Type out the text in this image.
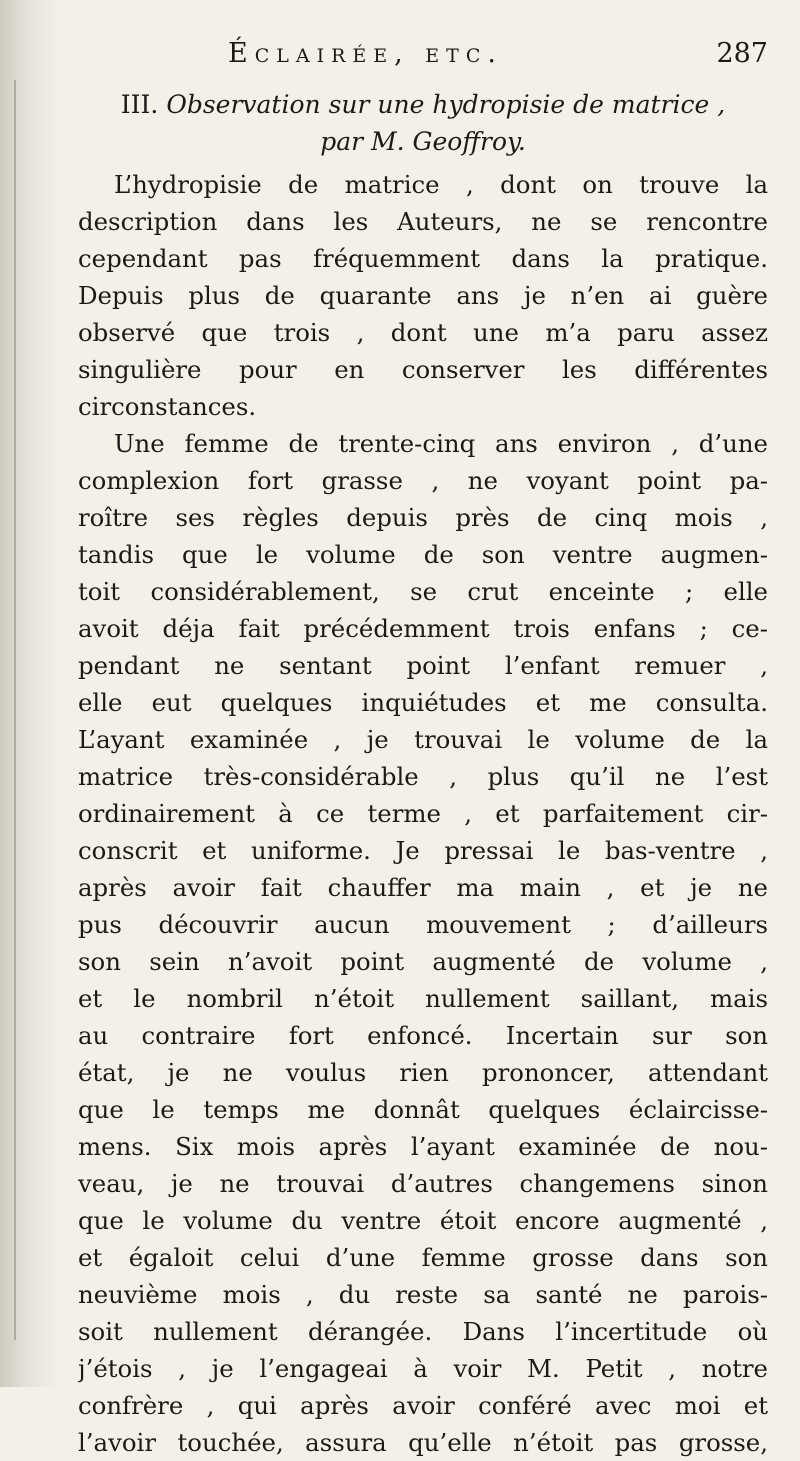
Éclairée, etc.	287

III. Observation sur une hydropisie de matrice ,

par M. Geoffroy.

L’hydropisie de matrice , dont on trouve la
description dans les Auteurs, ne se rencontre
cependant pas fréquemment dans la pratique.
Depuis plus de quarante ans je n’en ai guère
observé que trois , dont une m’a paru assez
singulière pour en conserver les différentes
circonstances.
Une femme de trente-cinq ans environ , d’une
complexion fort grasse , ne voyant point pa-
roître ses règles depuis près de cinq mois ,
tandis que le volume de son ventre augmen-
toit considérablement, se crut enceinte ; elle
avoit déja fait précédemment trois enfans ; ce-
pendant ne sentant point l’enfant remuer ,
elle eut quelques inquiétudes et me consulta.
L’ayant examinée , je trouvai le volume de la
matrice très-considérable , plus qu’il ne l’est
ordinairement à ce terme , et parfaitement cir-
conscrit et uniforme. Je pressai le bas-ventre ,
après avoir fait chauffer ma main , et je ne
pus découvrir aucun mouvement ; d’ailleurs
son sein n’avoit point augmenté de volume ,
et le nombril n’étoit nullement saillant, mais
au contraire fort enfoncé. Incertain sur son
état, je ne voulus rien prononcer, attendant
que le temps me donnât quelques éclaircisse-
mens. Six mois après l’ayant examinée de nou-
veau, je ne trouvai d’autres changemens sinon
que le volume du ventre étoit encore augmenté ,
et égaloit celui d’une femme grosse dans son
neuvième mois , du reste sa santé ne parois-
soit nullement dérangée. Dans l’incertitude où
j’étois , je l’engageai à voir M. Petit , notre
confrère , qui après avoir conféré avec moi et
l’avoir touchée, assura qu’elle n’étoit pas grosse,
